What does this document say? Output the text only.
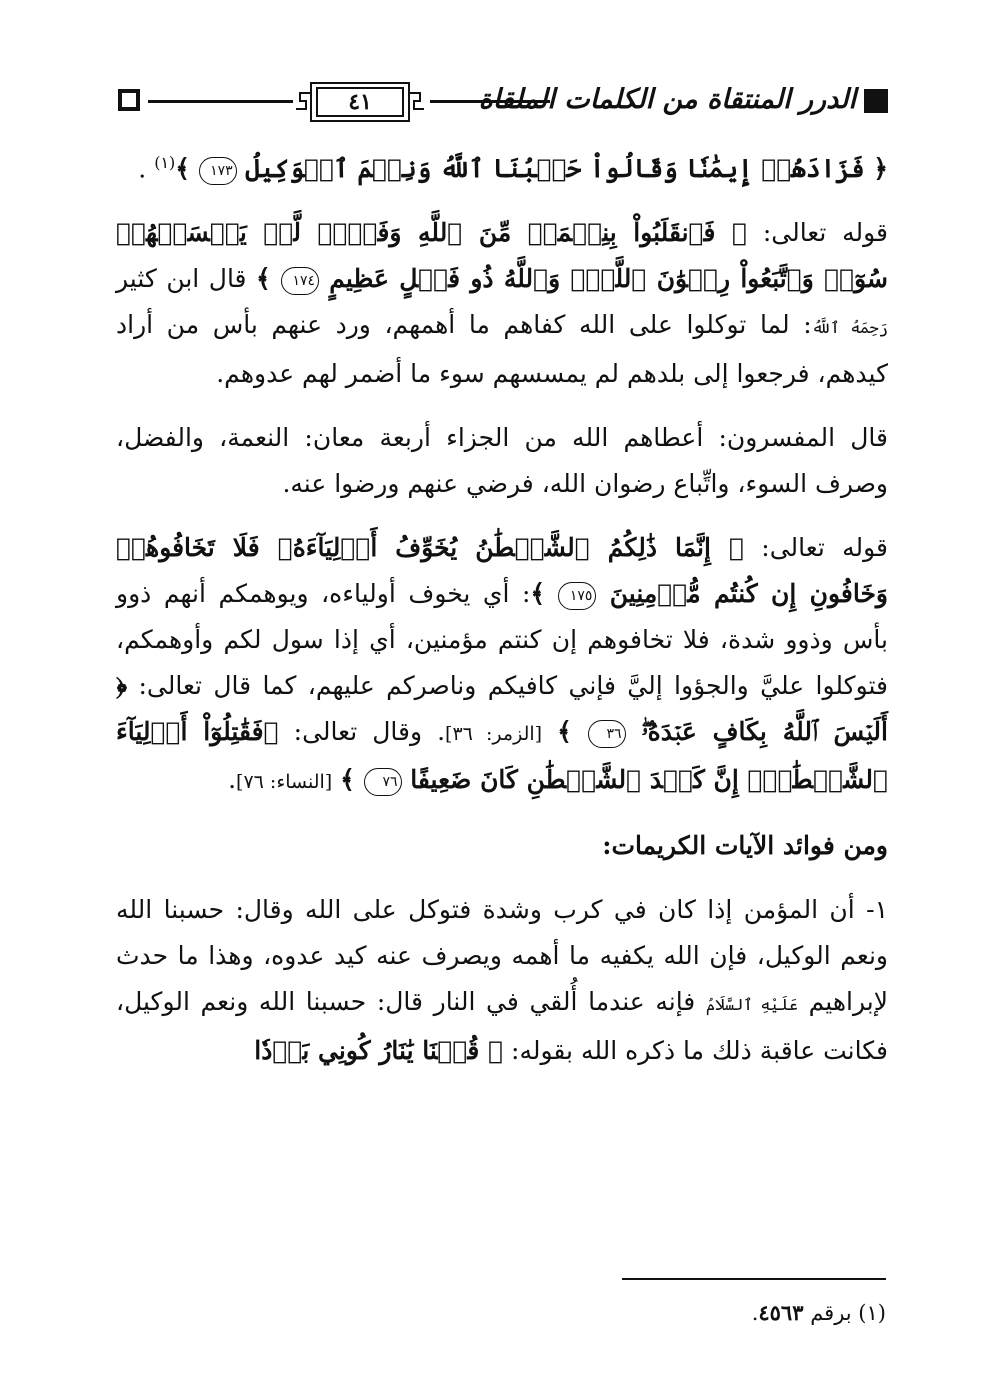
٤١	الدرر المنتقاة من الكلمات الملقاة

﴿ فَزَادَهُمۡ إِيمَٰنٗا وَقَالُواْ حَسۡبُنَا ٱللَّهُ وَنِعۡمَ ٱلۡوَكِيلُ ١٧٣ ﴾$^{(١)}$ .

قوله تعالى: ﴿ فَٱنقَلَبُواْ بِنِعۡمَةٖ مِّنَ ٱللَّهِ وَفَضۡلٖ لَّمۡ يَمۡسَسۡهُمۡ سُوٓءٞ وَٱتَّبَعُواْ رِضۡوَٰنَ ٱللَّهِۗ وَٱللَّهُ ذُو فَضۡلٍ عَظِيمٍ ١٧٤ ﴾ قال ابن كثير رَحِمَهُ ٱللَّهُ: لما توكلوا على الله كفاهم ما أهمهم، ورد عنهم بأس من أراد كيدهم، فرجعوا إلى بلدهم لم يمسسهم سوء ما أضمر لهم عدوهم.

قال المفسرون: أعطاهم الله من الجزاء أربعة معان: النعمة، والفضل، وصرف السوء، واتِّباع رضوان الله، فرضي عنهم ورضوا عنه.

قوله تعالى: ﴿ إِنَّمَا ذَٰلِكُمُ ٱلشَّيۡطَٰنُ يُخَوِّفُ أَوۡلِيَآءَهُۥ فَلَا تَخَافُوهُمۡ وَخَافُونِ إِن كُنتُم مُّؤۡمِنِينَ ١٧٥ ﴾: أي يخوف أولياءه، ويوهمكم أنهم ذوو بأس وذوو شدة، فلا تخافوهم إن كنتم مؤمنين، أي إذا سول لكم وأوهمكم، فتوكلوا عليَّ والجؤوا إليَّ فإني كافيكم وناصركم عليهم، كما قال تعالى: ﴿ أَلَيۡسَ ٱللَّهُ بِكَافٍ عَبۡدَهُۥۖ ٣٦ ﴾ [الزمر: ٣٦]. وقال تعالى: ﴿فَقَٰتِلُوٓاْ أَوۡلِيَآءَ ٱلشَّيۡطَٰنِۖ إِنَّ كَيۡدَ ٱلشَّيۡطَٰنِ كَانَ ضَعِيفًا ٧٦ ﴾ [النساء: ٧٦].

ومن فوائد الآيات الكريمات:

١- أن المؤمن إذا كان في كرب وشدة فتوكل على الله وقال: حسبنا الله ونعم الوكيل، فإن الله يكفيه ما أهمه ويصرف عنه كيد عدوه، وهذا ما حدث لإبراهيم عَلَيْهِ ٱلسَّلَامُ فإنه عندما أُلقي في النار قال: حسبنا الله ونعم الوكيل، فكانت عاقبة ذلك ما ذكره الله بقوله: ﴿ قُلۡنَا يَٰنَارُ كُونِي بَرۡدٗا

(١) برقم ٤٥٦٣.
